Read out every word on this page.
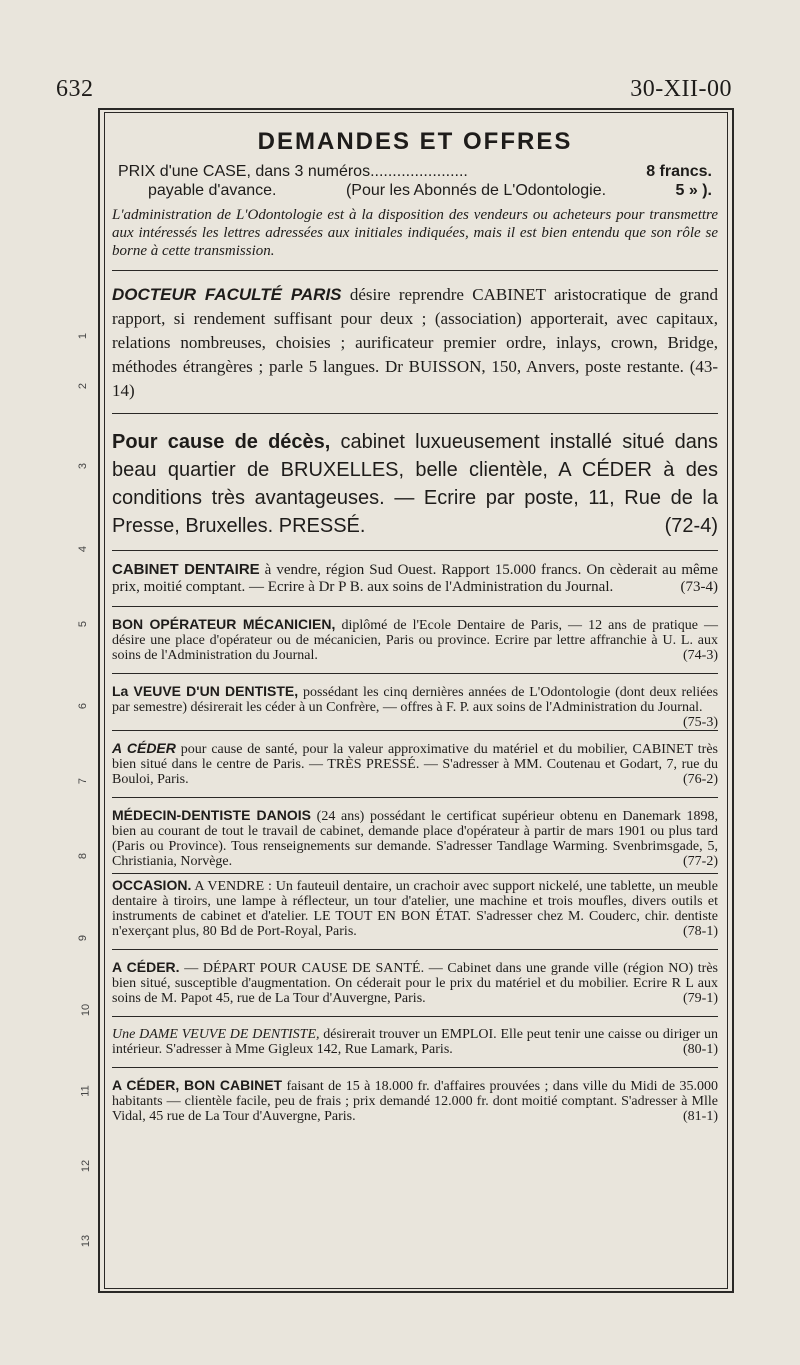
632	30-XII-00
1
2
3
4
5
6
7
8
9
10
11
12
13
DEMANDES ET OFFRES
PRIX d'une CASE, dans 3 numéros......................	8 francs.
payable d'avance.	(Pour les Abonnés de L'Odontologie.	5 » ).
L'administration de L'Odontologie est à la disposition des vendeurs ou acheteurs pour transmettre aux intéressés les lettres adressées aux initiales indiquées, mais il est bien entendu que son rôle se borne à cette transmission.
DOCTEUR FACULTÉ PARIS désire reprendre CABINET aristocratique de grand rapport, si rendement suffisant pour deux ; (association) apporterait, avec capitaux, relations nombreuses, choisies ; aurificateur premier ordre, inlays, crown, Bridge, méthodes étrangères ; parle 5 langues. Dr BUISSON, 150, Anvers, poste restante. (43-14)
Pour cause de décès, cabinet luxueusement installé situé dans beau quartier de BRUXELLES, belle clientèle, A CÉDER à des conditions très avantageuses. — Ecrire par poste, 11, Rue de la Presse, Bruxelles. PRESSÉ.	(72-4)
CABINET DENTAIRE à vendre, région Sud Ouest. Rapport 15.000 francs. On cèderait au même prix, moitié comptant. — Ecrire à Dr P B. aux soins de l'Administration du Journal.	(73-4)
BON OPÉRATEUR MÉCANICIEN, diplômé de l'Ecole Dentaire de Paris, — 12 ans de pratique — désire une place d'opérateur ou de mécanicien, Paris ou province. Ecrire par lettre affranchie à U. L. aux soins de l'Administration du Journal.	(74-3)
La VEUVE D'UN DENTISTE, possédant les cinq dernières années de L'Odontologie (dont deux reliées par semestre) désirerait les céder à un Confrère, — offres à F. P. aux soins de l'Administration du Journal.
(75-3)
A CÉDER pour cause de santé, pour la valeur approximative du matériel et du mobilier, CABINET très bien situé dans le centre de Paris. — TRÈS PRESSÉ. — S'adresser à MM. Coutenau et Godart, 7, rue du Bouloi, Paris.	(76-2)
MÉDECIN-DENTISTE DANOIS (24 ans) possédant le certificat supérieur obtenu en Danemark 1898, bien au courant de tout le travail de cabinet, demande place d'opérateur à partir de mars 1901 ou plus tard (Paris ou Province). Tous renseignements sur demande. S'adresser Tandlage Warming. Svenbrimsgade, 5, Christiania, Norvège.	(77-2)
OCCASION. A VENDRE : Un fauteuil dentaire, un crachoir avec support nickelé, une tablette, un meuble dentaire à tiroirs, une lampe à réflecteur, un tour d'atelier, une machine et trois moufles, divers outils et instruments de cabinet et d'atelier. LE TOUT EN BON ÉTAT. S'adresser chez M. Couderc, chir. dentiste n'exerçant plus, 80 Bd de Port-Royal, Paris.	(78-1)
A CÉDER. — DÉPART POUR CAUSE DE SANTÉ. — Cabinet dans une grande ville (région NO) très bien situé, susceptible d'augmentation. On céderait pour le prix du matériel et du mobilier. Ecrire R L aux soins de M. Papot 45, rue de La Tour d'Auvergne, Paris.	(79-1)
Une DAME VEUVE DE DENTISTE, désirerait trouver un EMPLOI. Elle peut tenir une caisse ou diriger un intérieur. S'adresser à Mme Gigleux 142, Rue Lamark, Paris.	(80-1)
A CÉDER, BON CABINET faisant de 15 à 18.000 fr. d'affaires prouvées ; dans ville du Midi de 35.000 habitants — clientèle facile, peu de frais ; prix demandé 12.000 fr. dont moitié comptant. S'adresser à Mlle Vidal, 45 rue de La Tour d'Auvergne, Paris.	(81-1)
